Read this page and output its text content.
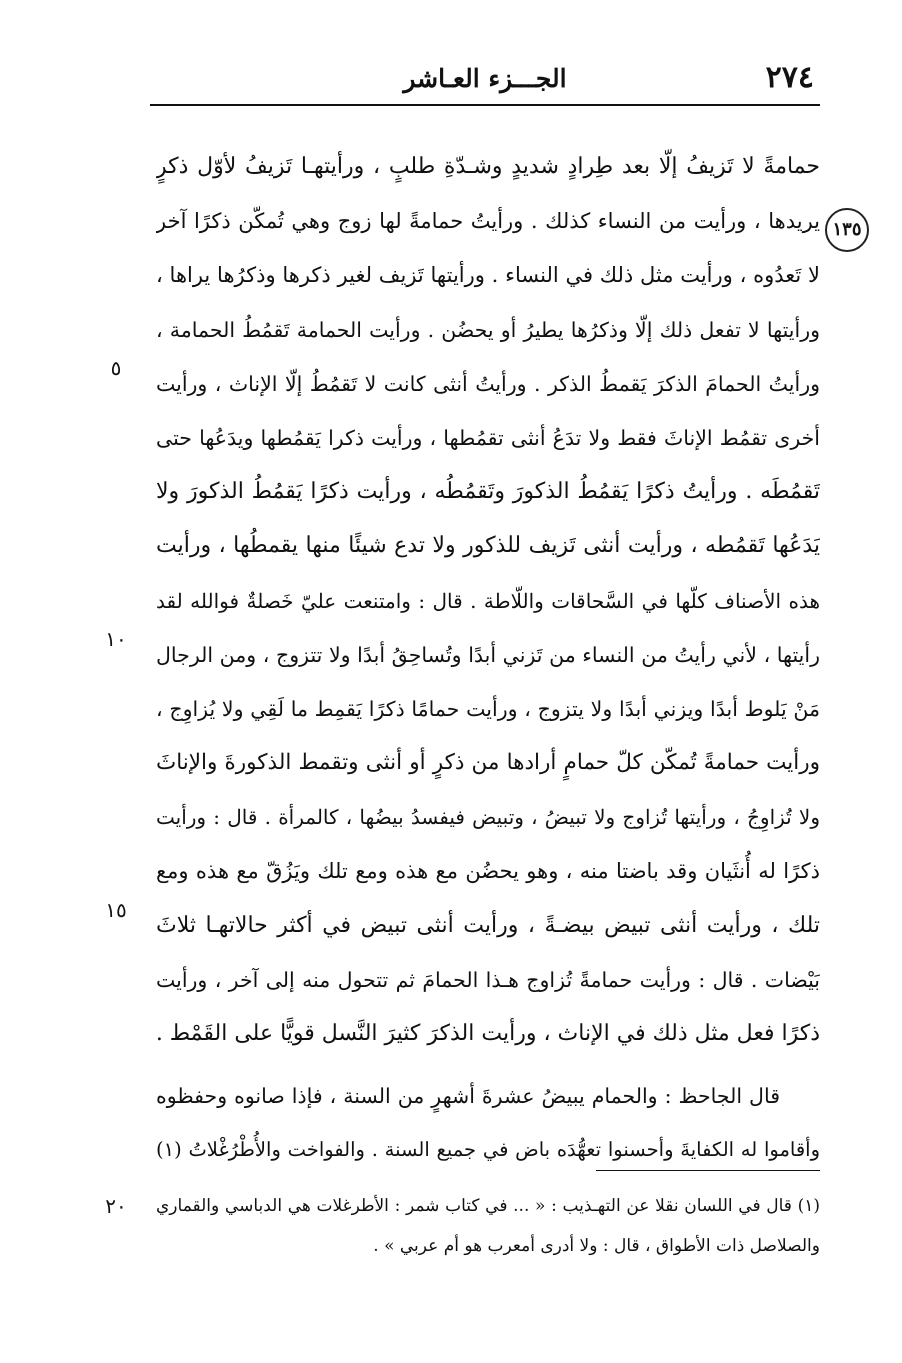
٢٧٤
الجـــزء العـاشر
١٣٥
٥
١٠
١٥
٢٠
حمامةً لا تَزيفُ إلّا بعد طِرادٍ شديدٍ وشـدّةِ طلبٍ ، ورأيتهـا تَزيفُ لأوّل ذكرٍ
يريدها ، ورأيت من النساء كذلك . ورأيتُ حمامةً لها زوج وهي تُمكّن ذكرًا آخر
لا تَعدُوه ، ورأيت مثل ذلك في النساء . ورأيتها تَزيف لغير ذكرها وذكرُها يراها ،
ورأيتها لا تفعل ذلك إلّا وذكرُها يطيرُ أو يحضُن . ورأيت الحمامة تَقمُطُ الحمامة ،
ورأيتُ الحمامَ الذكرَ يَقمطُ الذكر . ورأيتُ أنثى كانت لا تَقمُطُ إلّا الإناث ، ورأيت
أخرى تقمُط الإناثَ فقط ولا تدَعُ أنثى تقمُطها ، ورأيت ذكرا يَقمُطها ويدَعُها حتى
تَقمُطَه . ورأيتُ ذكرًا يَقمُطُ الذكورَ وتَقمُطُه ، ورأيت ذكرًا يَقمُطُ الذكورَ ولا
يَدَعُها تَقمُطه ، ورأيت أنثى تَزيف للذكور ولا تدع شيئًا منها يقمطُها ، ورأيت
هذه الأصناف كلّها في السَّحاقات واللّاطة . قال : وامتنعت عليّ خَصلةٌ فوالله لقد
رأيتها ، لأني رأيتُ من النساء من تَزني أبدًا وتُساحِقُ أبدًا ولا تتزوج ، ومن الرجال
مَنْ يَلوط أبدًا ويزني أبدًا ولا يتزوج ، ورأيت حمامًا ذكرًا يَقمِط ما لَقِي ولا يُزاوِج ،
ورأيت حمامةً تُمكّن كلّ حمامٍ أرادها من ذكرٍ أو أنثى وتقمط الذكورةَ والإناثَ
ولا تُزاوِجُ ، ورأيتها تُزاوج ولا تبيضُ ، وتبيض فيفسدُ بيضُها ، كالمرأة . قال : ورأيت
ذكرًا له أُنثَيان وقد باضتا منه ، وهو يحضُن مع هذه ومع تلك ويَزُقّ مع هذه ومع
تلك ، ورأيت أنثى تبيض بيضـةً ، ورأيت أنثى تبيض في أكثر حالاتهـا ثلاثَ
بَيْضات . قال : ورأيت حمامةً تُزاوج هـذا الحمامَ ثم تتحول منه إلى آخر ، ورأيت
ذكرًا فعل مثل ذلك في الإناث ، ورأيت الذكرَ كثيرَ النَّسل قويًّا على القَمْط .
قال الجاحظ : والحمام يبيضُ عشرةَ أشهرٍ من السنة ، فإذا صانوه وحفظوه
وأقاموا له الكفايةَ وأحسنوا تعهُّدَه باض في جميع السنة . والفواخت والأُطْرُغْلاتُ (١)
(١) قال في اللسان نقلا عن التهـذيب : « ... في كتاب شمر : الأطرغلات هي الدباسي والقماري
والصلاصل ذات الأطواق ، قال : ولا أدرى أمعرب هو أم عربي » .
